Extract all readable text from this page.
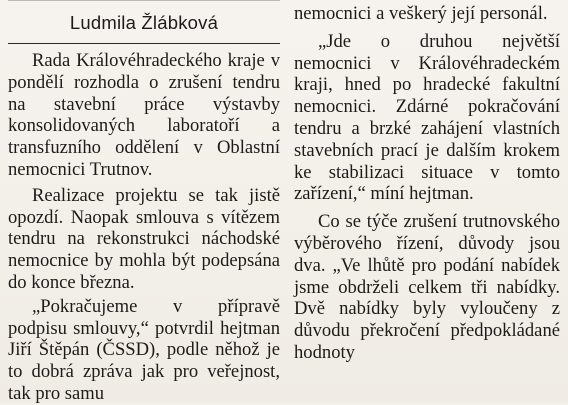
Ludmila Žlábková

Rada Královéhradeckého kraje v pondělí rozhodla o zrušení tendru na stavební práce výstavby konsolidovaných laboratoří a transfuzního oddělení v Oblastní nemocnici Trutnov.

Realizace projektu se tak jistě opozdí. Naopak smlouva s vítězem tendru na rekonstrukci náchodské nemocnice by mohla být podepsána do konce března.

„Pokračujeme v přípravě podpisu smlouvy,“ potvrdil hejtman Jiří Štěpán (ČSSD), podle něhož je to dobrá zpráva jak pro veřejnost, tak pro samu

nemocnici a veškerý její personál.

„Jde o druhou největší nemocnici v Královéhradeckém kraji, hned po hradecké fakultní nemocnici. Zdárné pokračování tendru a brzké zahájení vlastních stavebních prací je dalším krokem ke stabilizaci situace v tomto zařízení,“ míní hejtman.

Co se týče zrušení trutnovského výběrového řízení, důvody jsou dva. „Ve lhůtě pro podání nabídek jsme obdrželi celkem tři nabídky. Dvě nabídky byly vyloučeny z důvodu překročení předpokládané hodnoty
